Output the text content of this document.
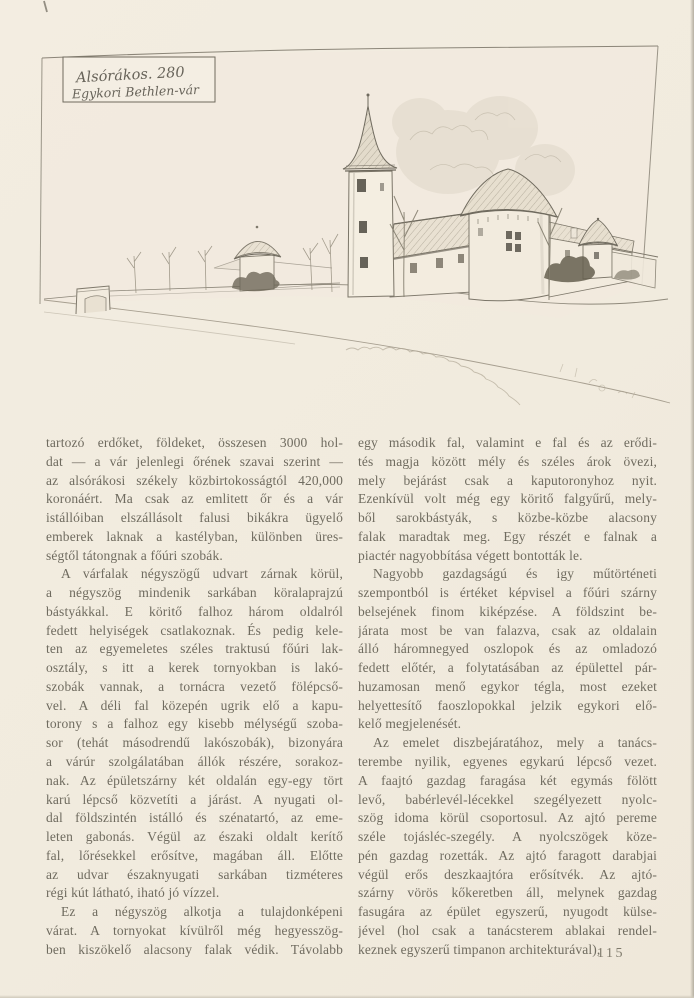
Alsórákos. 280
Egykori Bethlen-vár
tartozó erdőket, földeket, összesen 3000 hol-
dat — a vár jelenlegi őrének szavai szerint —
az alsórákosi székely közbirtokosságtól 420,000
koronáért. Ma csak az emlitett őr és a vár
istállóiban elszállásolt falusi bikákra ügyelő
emberek laknak a kastélyban, különben üres-
ségtől tátongnak a főúri szobák.
A várfalak négyszögű udvart zárnak körül,
a négyszög mindenik sarkában köralaprajzú
bástyákkal. E köritő falhoz három oldalról
fedett helyiségek csatlakoznak. És pedig kele-
ten az egyemeletes széles traktusú főúri lak-
osztály, s itt a kerek tornyokban is lakó-
szobák vannak, a tornácra vezető fölépcső-
vel. A déli fal közepén ugrik elő a kapu-
torony s a falhoz egy kisebb mélységű szoba-
sor (tehát másodrendű lakószobák), bizonyára
a várúr szolgálatában állók részére, sorakoz-
nak. Az épületszárny két oldalán egy-egy tört
karú lépcső közvetíti a járást. A nyugati ol-
dal földszintén istálló és szénatartó, az eme-
leten gabonás. Végül az északi oldalt kerítő
fal, lőrésekkel erősítve, magában áll. Előtte
az udvar északnyugati sarkában tizméteres
régi kút látható, iható jó vízzel.
Ez a négyszög alkotja a tulajdonképeni
várat. A tornyokat kívülről még hegyesszög-
ben kiszökelő alacsony falak védik. Távolabb
egy második fal, valamint e fal és az erődi-
tés magja között mély és széles árok övezi,
mely bejárást csak a kaputoronyhoz nyit.
Ezenkívül volt még egy köritő falgyűrű, mely-
ből sarokbástyák, s közbe-közbe alacsony
falak maradtak meg. Egy részét e falnak a
piactér nagyobbítása végett bontották le.
Nagyobb gazdagságú és igy műtörténeti
szempontból is értéket képvisel a főúri szárny
belsejének finom kiképzése. A földszint be-
járata most be van falazva, csak az oldalain
álló háromnegyed oszlopok és az omladozó
fedett előtér, a folytatásában az épülettel pár-
huzamosan menő egykor tégla, most ezeket
helyettesítő faoszlopokkal jelzik egykori elő-
kelő megjelenését.
Az emelet diszbejáratához, mely a tanács-
terembe nyilik, egyenes egykarú lépcső vezet.
A faajtó gazdag faragása két egymás fölött
levő, babérlevél-lécekkel szegélyezett nyolc-
szög idoma körül csoportosul. Az ajtó pereme
széle tojásléc-szegély. A nyolcszögek köze-
pén gazdag rozetták. Az ajtó faragott darabjai
végül erős deszkaajtóra erősítvék. Az ajtó-
szárny vörös kőkeretben áll, melynek gazdag
fasugára az épület egyszerű, nyugodt külse-
jével (hol csak a tanácsterem ablakai rendel-
keznek egyszerű timpanon architekturával),
115
